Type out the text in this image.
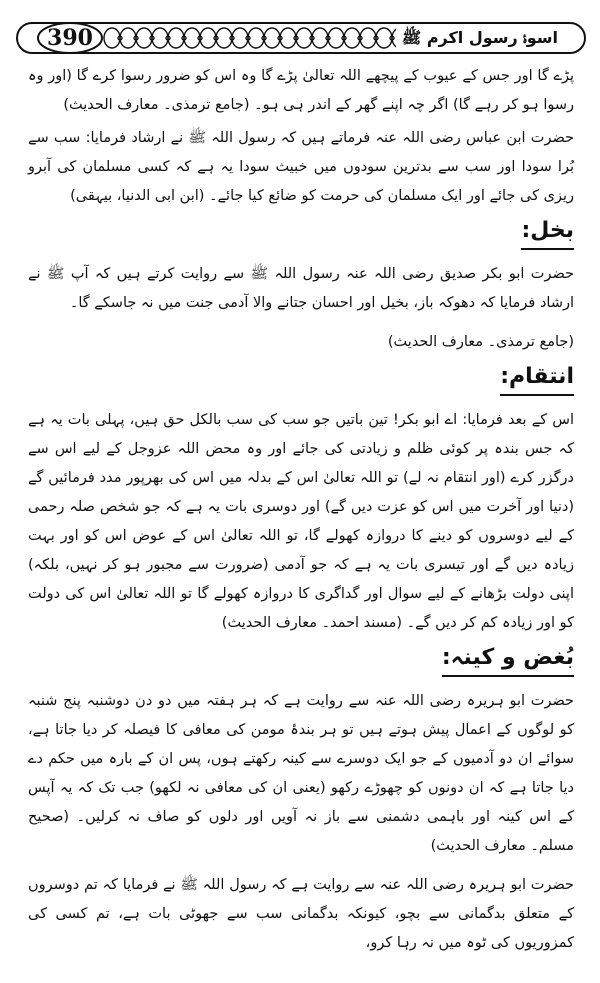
390	اسوۂ رسول اکرم ﷺ

پڑے گا اور جس کے عیوب کے پیچھے اللہ تعالیٰ پڑے گا وہ اس کو ضرور رسوا کرے گا (اور وہ رسوا ہو کر رہے گا) اگر چہ اپنے گھر کے اندر ہی ہو۔ (جامع ترمذی۔ معارف الحدیث)

حضرت ابن عباس رضی اللہ عنہ فرماتے ہیں کہ رسول اللہ ﷺ نے ارشاد فرمایا: سب سے بُرا سودا اور سب سے بدترین سودوں میں خبیث سودا یہ ہے کہ کسی مسلمان کی آبرو ریزی کی جائے اور ایک مسلمان کی حرمت کو ضائع کیا جائے۔ (ابن ابی الدنیا، بیہقی)

بخل:

حضرت ابو بکر صدیق رضی اللہ عنہ رسول اللہ ﷺ سے روایت کرتے ہیں کہ آپ ﷺ نے ارشاد فرمایا کہ دھوکہ باز، بخیل اور احسان جتانے والا آدمی جنت میں نہ جاسکے گا۔

(جامع ترمذی۔ معارف الحدیث)

انتقام:

اس کے بعد فرمایا: اے ابو بکر! تین باتیں جو سب کی سب بالکل حق ہیں، پہلی بات یہ ہے کہ جس بندہ پر کوئی ظلم و زیادتی کی جائے اور وہ محض اللہ عزوجل کے لیے اس سے درگزر کرے (اور انتقام نہ لے) تو اللہ تعالیٰ اس کے بدلہ میں اس کی بھرپور مدد فرمائیں گے (دنیا اور آخرت میں اس کو عزت دیں گے) اور دوسری بات یہ ہے کہ جو شخص صلہ رحمی کے لیے دوسروں کو دینے کا دروازہ کھولے گا، تو اللہ تعالیٰ اس کے عوض اس کو اور بہت زیادہ دیں گے اور تیسری بات یہ ہے کہ جو آدمی (ضرورت سے مجبور ہو کر نہیں، بلکہ) اپنی دولت بڑھانے کے لیے سوال اور گداگری کا دروازہ کھولے گا تو اللہ تعالیٰ اس کی دولت کو اور زیادہ کم کر دیں گے۔ (مسند احمد۔ معارف الحدیث)

بُغض و کینہ:

حضرت ابو ہریرہ رضی اللہ عنہ سے روایت ہے کہ ہر ہفتہ میں دو دن دوشنبہ پنج شنبہ کو لوگوں کے اعمال پیش ہوتے ہیں تو ہر بندۂ مومن کی معافی کا فیصلہ کر دیا جاتا ہے، سوائے ان دو آدمیوں کے جو ایک دوسرے سے کینہ رکھتے ہوں، پس ان کے بارہ میں حکم دے دیا جاتا ہے کہ ان دونوں کو چھوڑے رکھو (یعنی ان کی معافی نہ لکھو) جب تک کہ یہ آپس کے اس کینہ اور باہمی دشمنی سے باز نہ آویں اور دلوں کو صاف نہ کرلیں۔ (صحیح مسلم۔ معارف الحدیث)

حضرت ابو ہریرہ رضی اللہ عنہ سے روایت ہے کہ رسول اللہ ﷺ نے فرمایا کہ تم دوسروں کے متعلق بدگمانی سے بچو، کیونکہ بدگمانی سب سے جھوٹی بات ہے، تم کسی کی کمزوریوں کی ٹوہ میں نہ رہا کرو،
